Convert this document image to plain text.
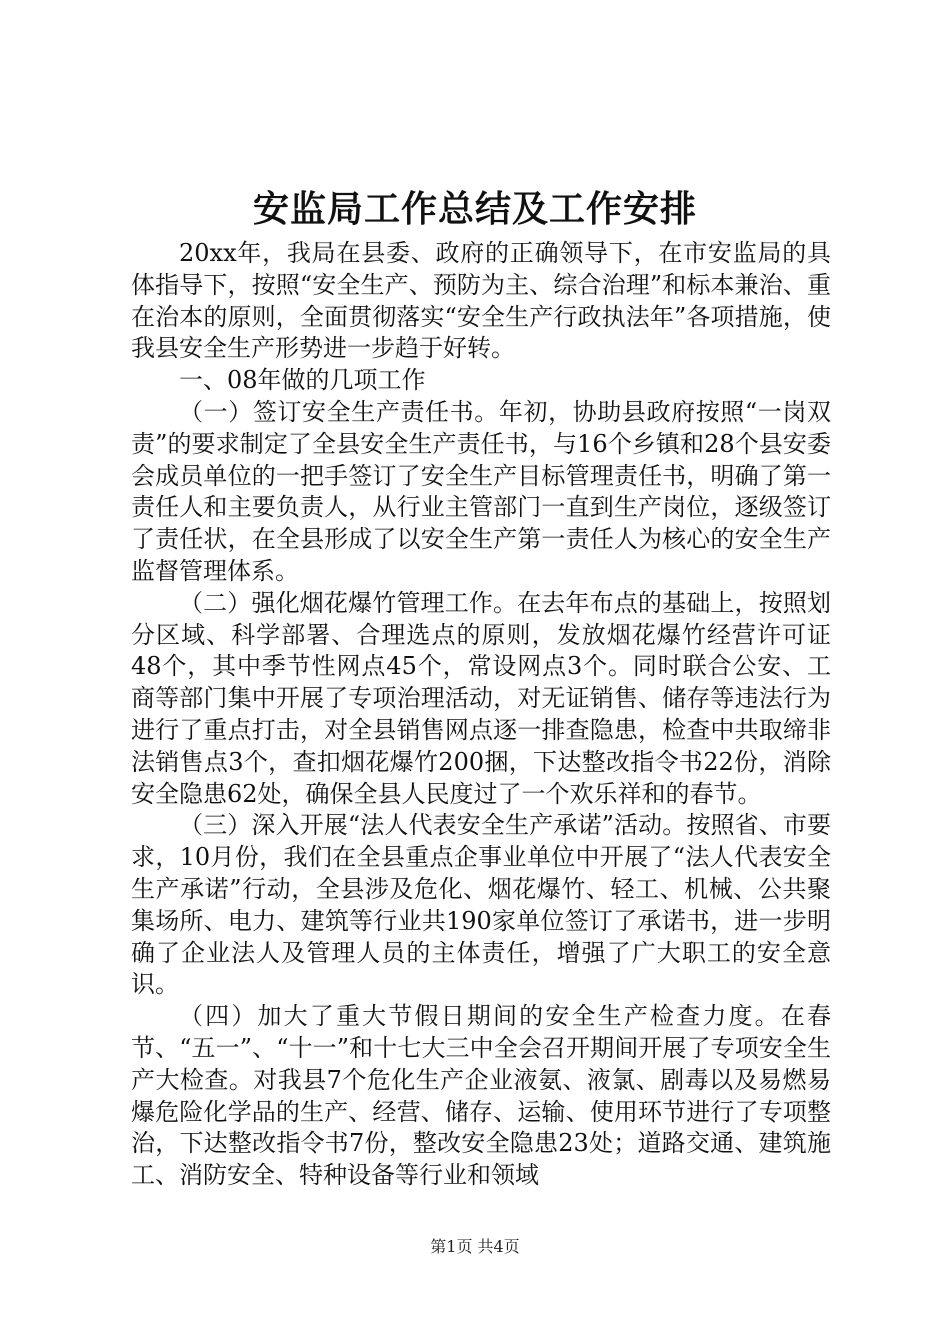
安监局工作总结及工作安排

20xx年，我局在县委、政府的正确领导下，在市安监局的具体指导下，按照“安全生产、预防为主、综合治理”和标本兼治、重在治本的原则，全面贯彻落实“安全生产行政执法年”各项措施，使我县安全生产形势进一步趋于好转。

一、08年做的几项工作

（一）签订安全生产责任书。年初，协助县政府按照“一岗双责”的要求制定了全县安全生产责任书，与16个乡镇和28个县安委会成员单位的一把手签订了安全生产目标管理责任书，明确了第一责任人和主要负责人，从行业主管部门一直到生产岗位，逐级签订了责任状，在全县形成了以安全生产第一责任人为核心的安全生产监督管理体系。

（二）强化烟花爆竹管理工作。在去年布点的基础上，按照划分区域、科学部署、合理选点的原则，发放烟花爆竹经营许可证48个，其中季节性网点45个，常设网点3个。同时联合公安、工商等部门集中开展了专项治理活动，对无证销售、储存等违法行为进行了重点打击，对全县销售网点逐一排查隐患，检查中共取缔非法销售点3个，查扣烟花爆竹200捆，下达整改指令书22份，消除安全隐患62处，确保全县人民度过了一个欢乐祥和的春节。

（三）深入开展“法人代表安全生产承诺”活动。按照省、市要求，10月份，我们在全县重点企事业单位中开展了“法人代表安全生产承诺”行动，全县涉及危化、烟花爆竹、轻工、机械、公共聚集场所、电力、建筑等行业共190家单位签订了承诺书，进一步明确了企业法人及管理人员的主体责任，增强了广大职工的安全意识。

（四）加大了重大节假日期间的安全生产检查力度。在春节、“五一”、“十一”和十七大三中全会召开期间开展了专项安全生产大检查。对我县7个危化生产企业液氨、液氯、剧毒以及易燃易爆危险化学品的生产、经营、储存、运输、使用环节进行了专项整治，下达整改指令书7份，整改安全隐患23处；道路交通、建筑施工、消防安全、特种设备等行业和领域

第1页 共4页
